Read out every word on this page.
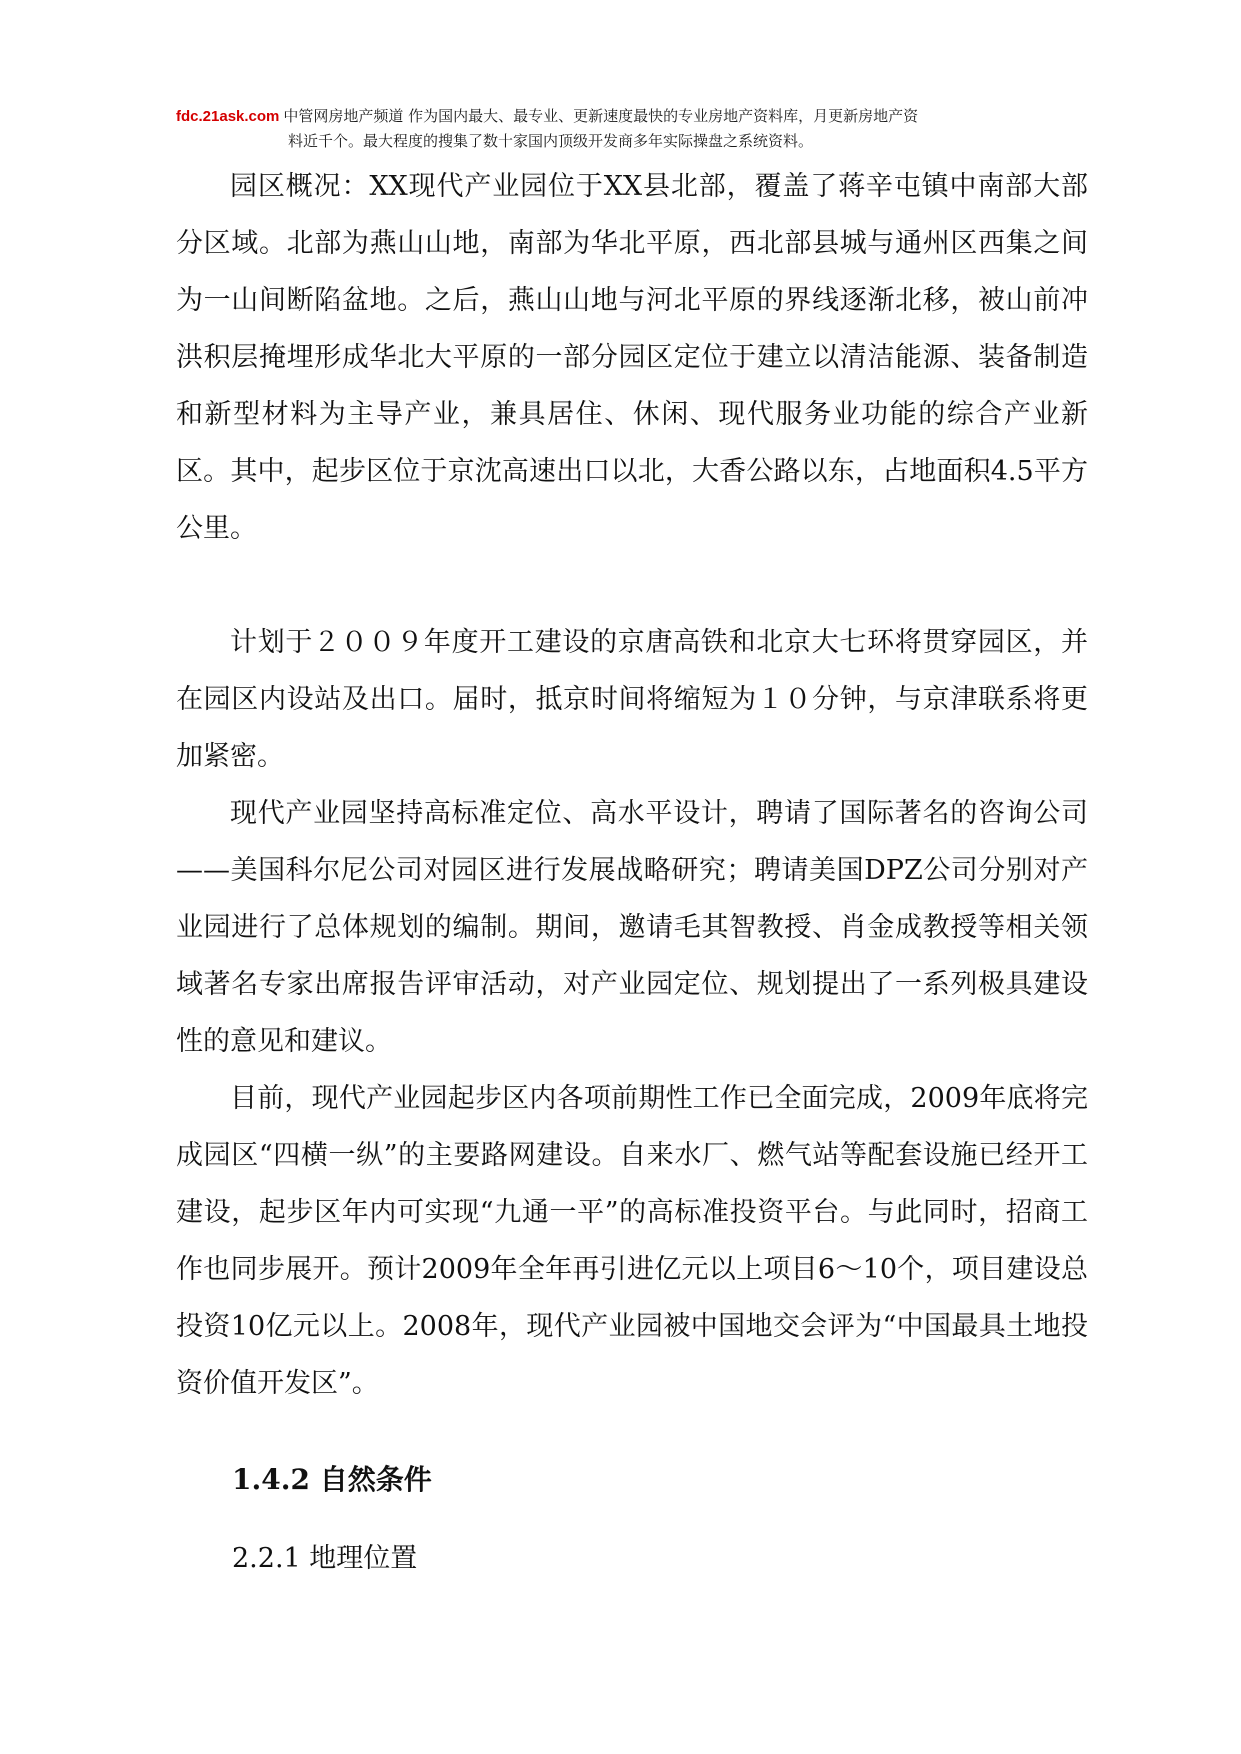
fdc.21ask.com 中管网房地产频道 作为国内最大、最专业、更新速度最快的专业房地产资料库，月更新房地产资
料近千个。最大程度的搜集了数十家国内顶级开发商多年实际操盘之系统资料。

园区概况：XX现代产业园位于XX县北部，覆盖了蒋辛屯镇中南部大部分区域。北部为燕山山地，南部为华北平原，西北部县城与通州区西集之间为一山间断陷盆地。之后，燕山山地与河北平原的界线逐渐北移，被山前冲洪积层掩埋形成华北大平原的一部分园区定位于建立以清洁能源、装备制造和新型材料为主导产业，兼具居住、休闲、现代服务业功能的综合产业新区。其中，起步区位于京沈高速出口以北，大香公路以东，占地面积4.5平方公里。

计划于２００９年度开工建设的京唐高铁和北京大七环将贯穿园区，并在园区内设站及出口。届时，抵京时间将缩短为１０分钟，与京津联系将更加紧密。

现代产业园坚持高标准定位、高水平设计，聘请了国际著名的咨询公司——美国科尔尼公司对园区进行发展战略研究；聘请美国DPZ公司分别对产业园进行了总体规划的编制。期间，邀请毛其智教授、肖金成教授等相关领域著名专家出席报告评审活动，对产业园定位、规划提出了一系列极具建设性的意见和建议。

目前，现代产业园起步区内各项前期性工作已全面完成，2009年底将完成园区“四横一纵”的主要路网建设。自来水厂、燃气站等配套设施已经开工建设，起步区年内可实现“九通一平”的高标准投资平台。与此同时，招商工作也同步展开。预计2009年全年再引进亿元以上项目6～10个，项目建设总投资10亿元以上。2008年，现代产业园被中国地交会评为“中国最具土地投资价值开发区”。

1.4.2 自然条件
2.2.1 地理位置
